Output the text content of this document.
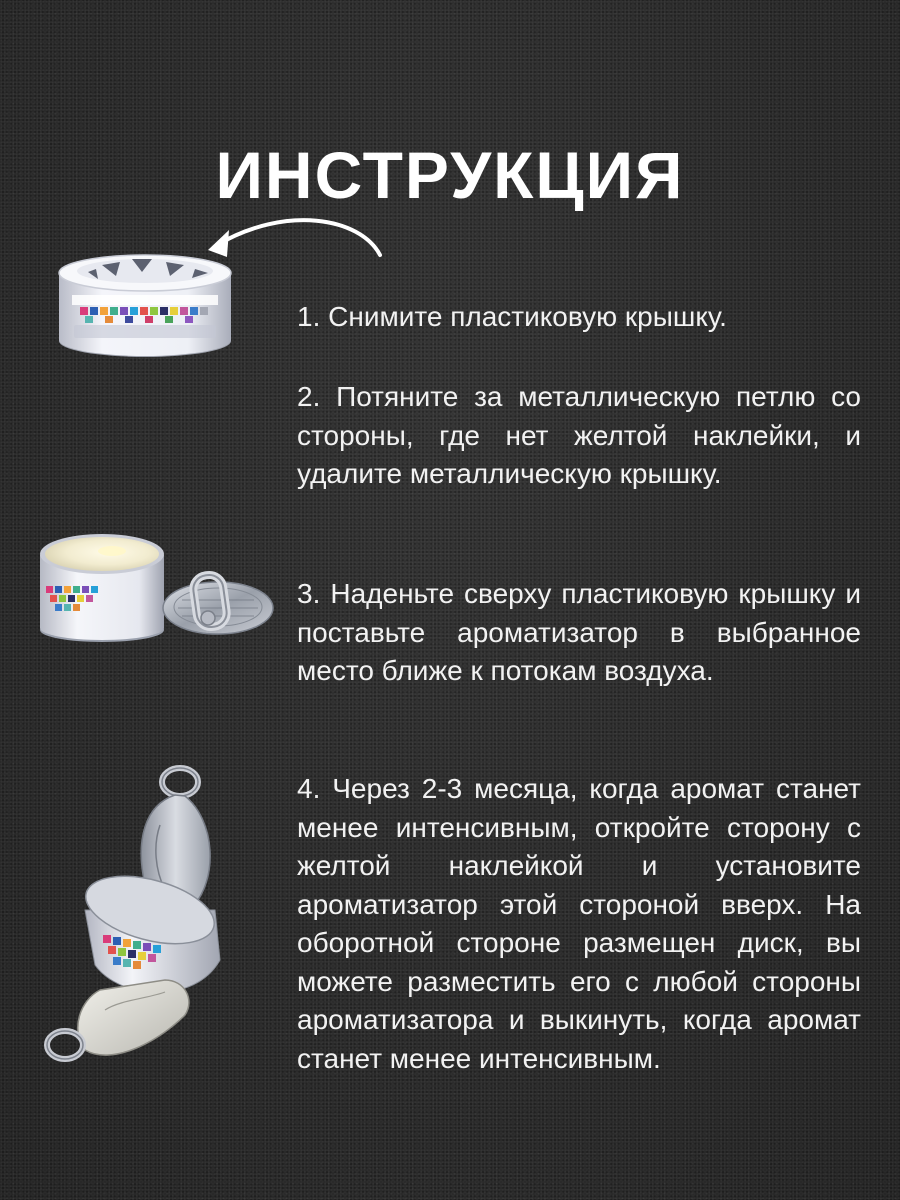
ИНСТРУКЦИЯ

1. Снимите пластиковую крышку.

2. Потяните за металлическую петлю со стороны, где нет желтой наклейки, и удалите металлическую крышку.

3. Наденьте сверху пластиковую крышку и поставьте ароматизатор в выбранное место ближе к потокам воздуха.

4. Через 2-3 месяца, когда аромат станет менее интенсивным, откройте сторону с желтой наклейкой и установите ароматизатор этой стороной вверх. На оборотной стороне размещен диск, вы можете разместить его с любой стороны ароматизатора и выкинуть, когда аромат станет менее интенсивным.
